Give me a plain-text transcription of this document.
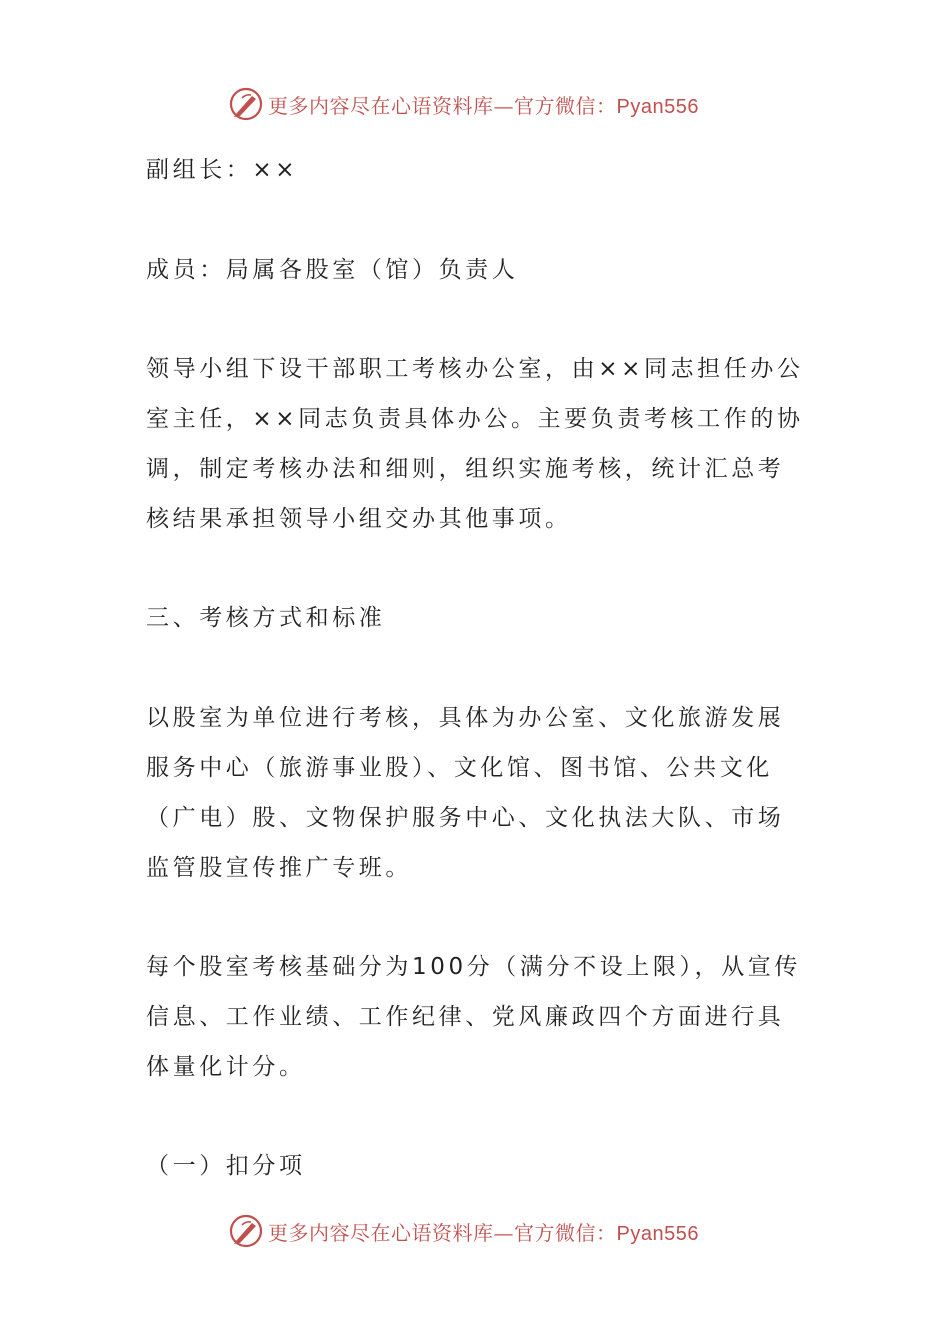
更多内容尽在心语资料库—官方微信：Pyan556

副组长：××

成员：局属各股室（馆）负责人

领导小组下设干部职工考核办公室，由××同志担任办公室主任，××同志负责具体办公。主要负责考核工作的协调，制定考核办法和细则，组织实施考核，统计汇总考核结果承担领导小组交办其他事项。

三、考核方式和标准

以股室为单位进行考核，具体为办公室、文化旅游发展服务中心（旅游事业股）、文化馆、图书馆、公共文化（广电）股、文物保护服务中心、文化执法大队、市场监管股宣传推广专班。

每个股室考核基础分为100分（满分不设上限），从宣传信息、工作业绩、工作纪律、党风廉政四个方面进行具体量化计分。

（一）扣分项

更多内容尽在心语资料库—官方微信：Pyan556
